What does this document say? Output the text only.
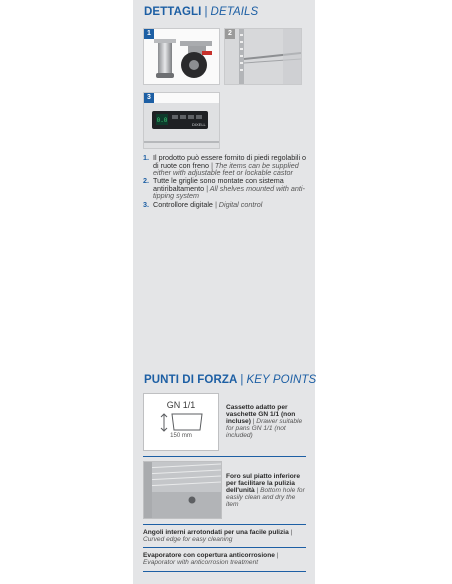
DETTAGLI | DETAILS
1	2
3
0.0
DIXELL
1. Il prodotto può essere fornito di piedi regolabili o di ruote con freno | The items can be supplied either with adjustable feet or lockable castor
2. Tutte le griglie sono montate con sistema antiribaltamento | All shelves mounted with anti-tipping system
3. Controllore digitale | Digital control
PUNTI DI FORZA | KEY POINTS
GN 1/1
150 mm
Cassetto adatto per vaschette GN 1/1 (non incluse) | Drawer suitable for pans GN 1/1 (not included)
Foro sul piatto inferiore per facilitare la pulizia dell'unità | Bottom hole for easily clean and dry the item
Angoli interni arrotondati per una facile pulizia | Curved edge for easy cleaning
Evaporatore con copertura anticorrosione | Evaporator with anticorrosion treatment
